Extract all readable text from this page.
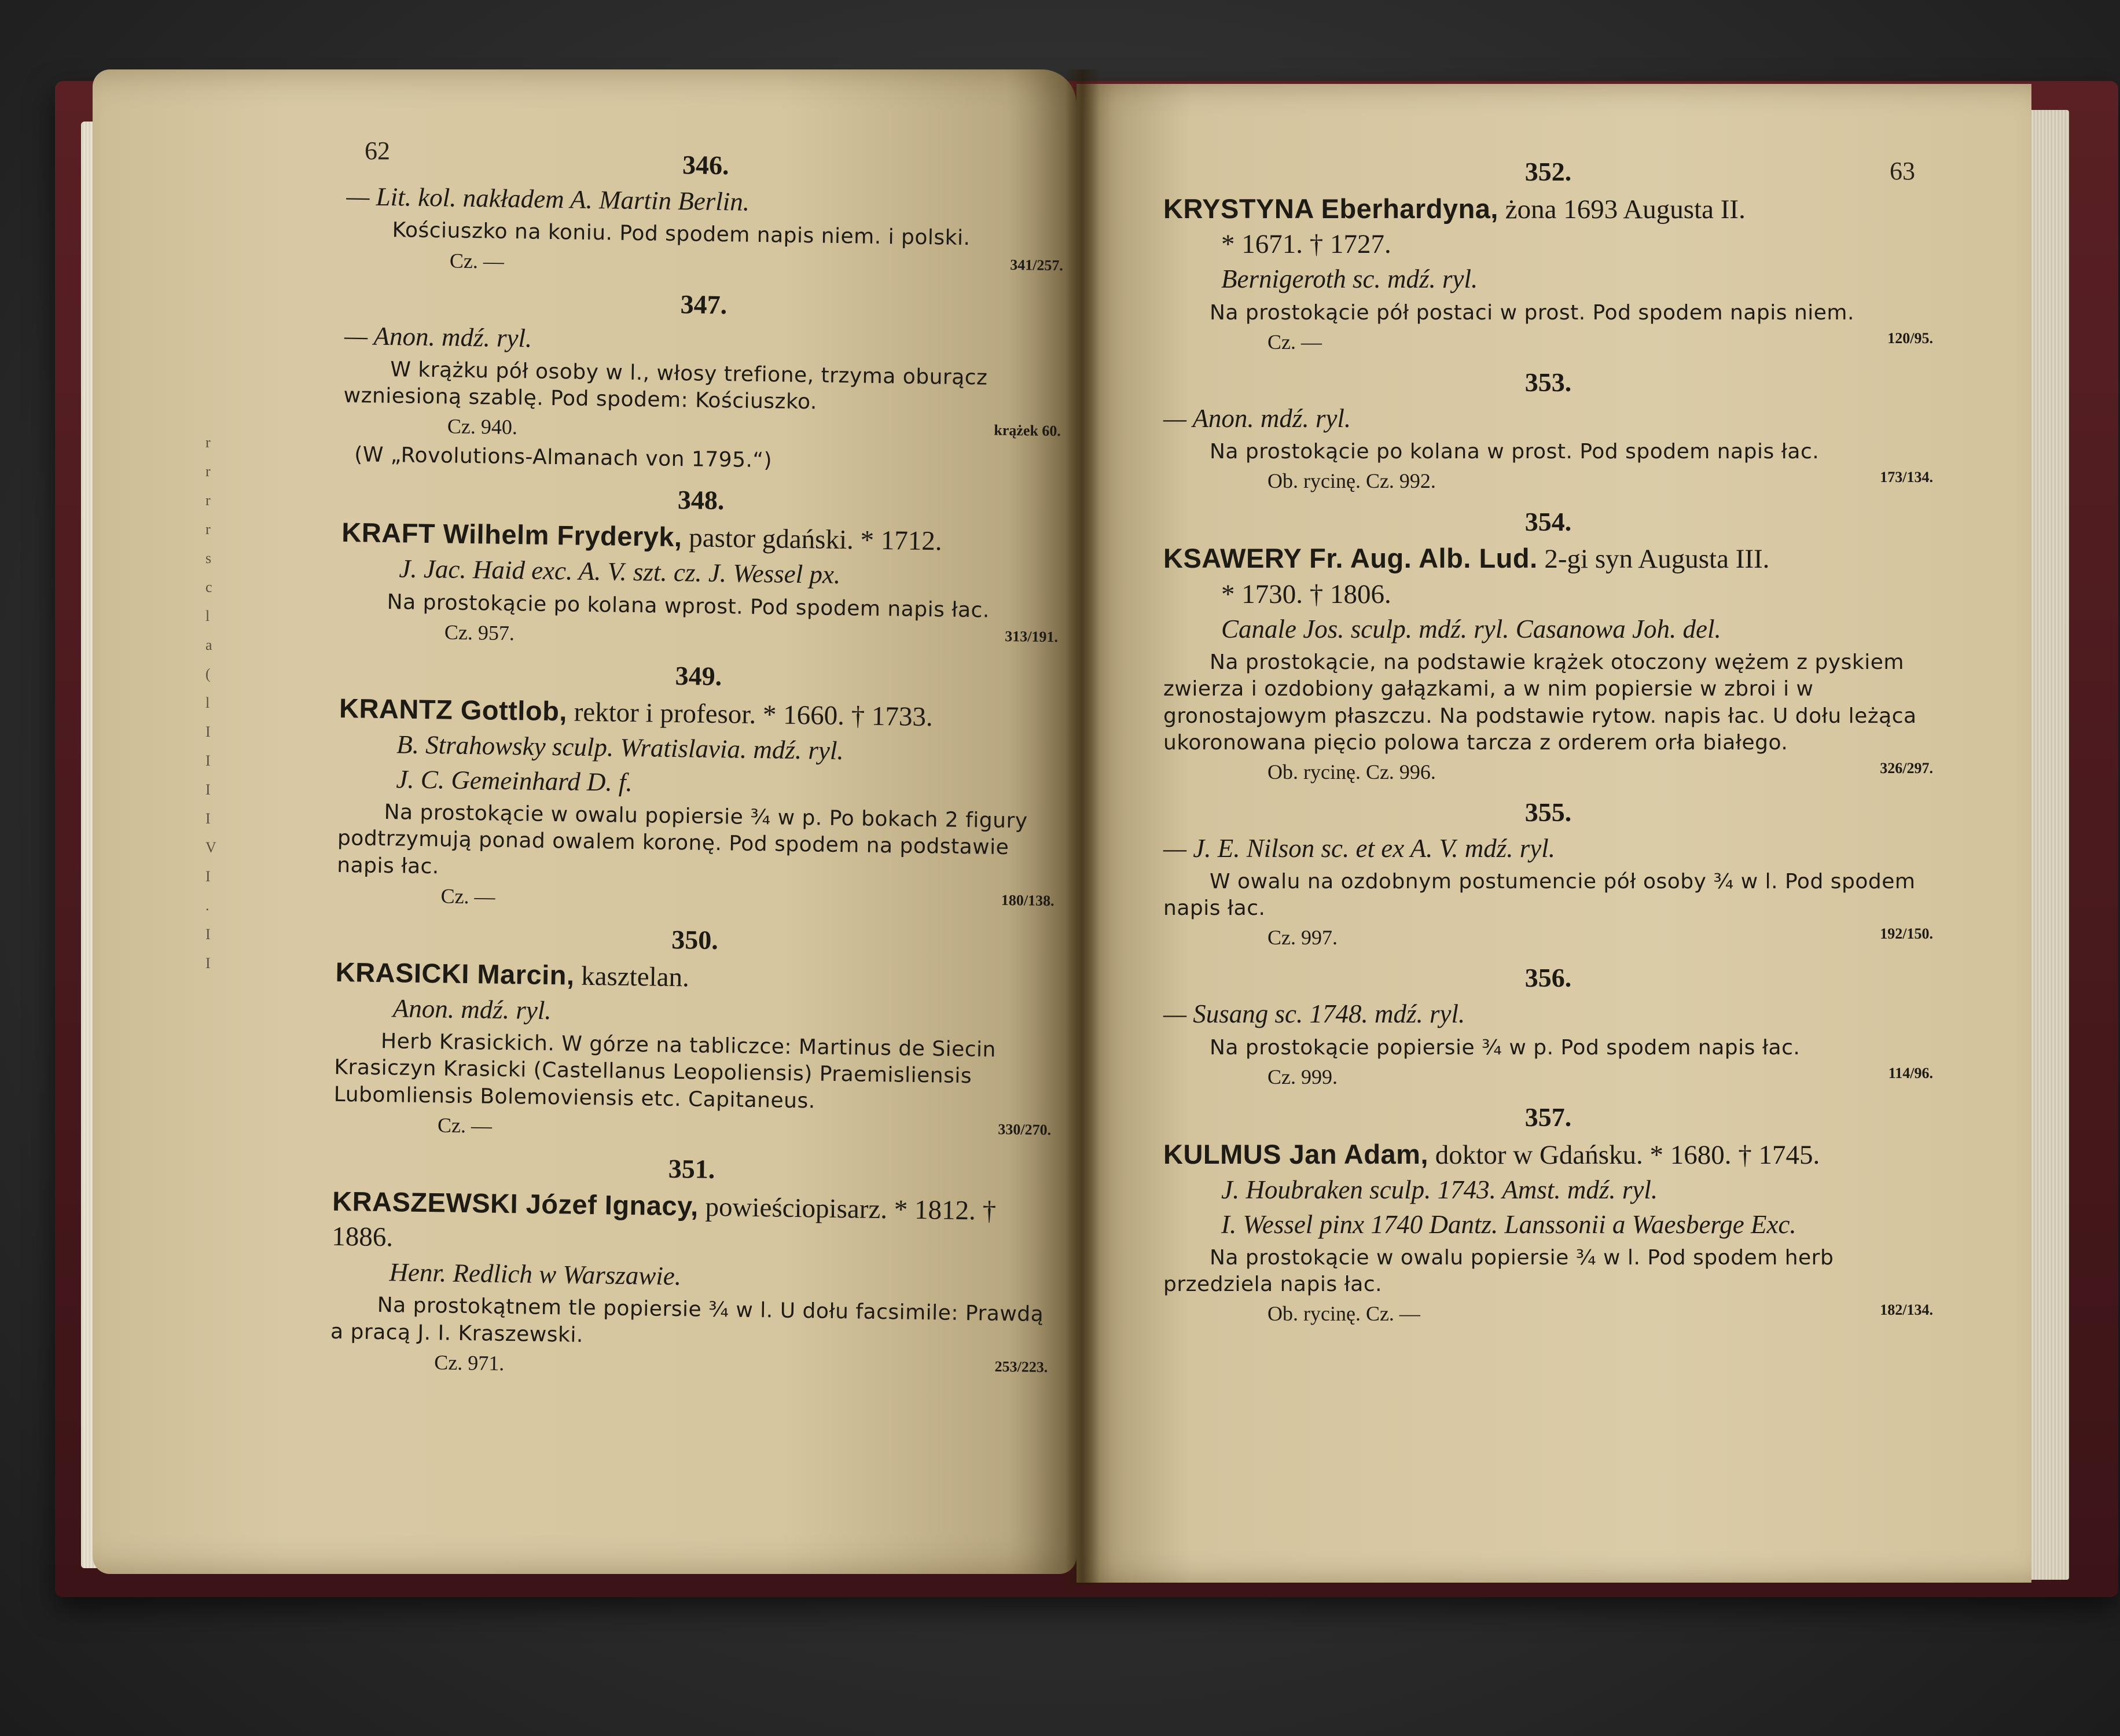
r
r
r
r
s
c
l
a
(
l
I
I
I
I
V
I
.
I
I
62
63
346.
— Lit. kol. nakładem A. Martin Berlin.
Kościuszko na koniu. Pod spodem napis niem. i polski.
Cz. —	341/257.
347.
— Anon. mdź. ryl.
W krążku pół osoby w l., włosy trefione, trzyma oburącz wzniesioną szablę. Pod spodem: Kościuszko.
Cz. 940.	krążek 60.
(W „Rovolutions-Almanach von 1795.“)
348.
KRAFT Wilhelm Fryderyk, pastor gdański. * 1712.
J. Jac. Haid exc. A. V. szt. cz. J. Wessel px.
Na prostokącie po kolana wprost. Pod spodem napis łac.
Cz. 957.	313/191.
349.
KRANTZ Gottlob, rektor i profesor. * 1660. † 1733.
B. Strahowsky sculp. Wratislavia. mdź. ryl.
J. C. Gemeinhard D. f.
Na prostokącie w owalu popiersie ¾ w p. Po bokach 2 figury podtrzymują ponad owalem koronę. Pod spodem na podstawie napis łac.
Cz. —	180/138.
350.
KRASICKI Marcin, kasztelan.
Anon. mdź. ryl.
Herb Krasickich. W górze na tabliczce: Martinus de Siecin Krasiczyn Krasicki (Castellanus Leopoliensis) Praemisliensis Lubomliensis Bolemoviensis etc. Capitaneus.
Cz. —	330/270.
351.
KRASZEWSKI Józef Ignacy, powieściopisarz. * 1812. † 1886.
Henr. Redlich w Warszawie.
Na prostokątnem tle popiersie ¾ w l. U dołu facsimile: Prawdą a pracą J. I. Kraszewski.
Cz. 971.	253/223.
352.
KRYSTYNA Eberhardyna, żona 1693 Augusta II.
* 1671. † 1727.
Bernigeroth sc. mdź. ryl.
Na prostokącie pół postaci w prost. Pod spodem napis niem.
Cz. —	120/95.
353.
— Anon. mdź. ryl.
Na prostokącie po kolana w prost. Pod spodem napis łac.
Ob. rycinę. Cz. 992.	173/134.
354.
KSAWERY Fr. Aug. Alb. Lud. 2-gi syn Augusta III.
* 1730. † 1806.
Canale Jos. sculp. mdź. ryl. Casanowa Joh. del.
Na prostokącie, na podstawie krążek otoczony wężem z pyskiem zwierza i ozdobiony gałązkami, a w nim popiersie w zbroi i w gronostajowym płaszczu. Na podstawie rytow. napis łac. U dołu leżąca ukoronowana pięcio polowa tarcza z orderem orła białego.
Ob. rycinę. Cz. 996.	326/297.
355.
— J. E. Nilson sc. et ex A. V. mdź. ryl.
W owalu na ozdobnym postumencie pół osoby ¾ w l. Pod spodem napis łac.
Cz. 997.	192/150.
356.
— Susang sc. 1748. mdź. ryl.
Na prostokącie popiersie ¾ w p. Pod spodem napis łac.
Cz. 999.	114/96.
357.
KULMUS Jan Adam, doktor w Gdańsku. * 1680. † 1745.
J. Houbraken sculp. 1743. Amst. mdź. ryl.
I. Wessel pinx 1740 Dantz. Lanssonii a Waesberge Exc.
Na prostokącie w owalu popiersie ¾ w l. Pod spodem herb przedziela napis łac.
Ob. rycinę. Cz. —	182/134.
